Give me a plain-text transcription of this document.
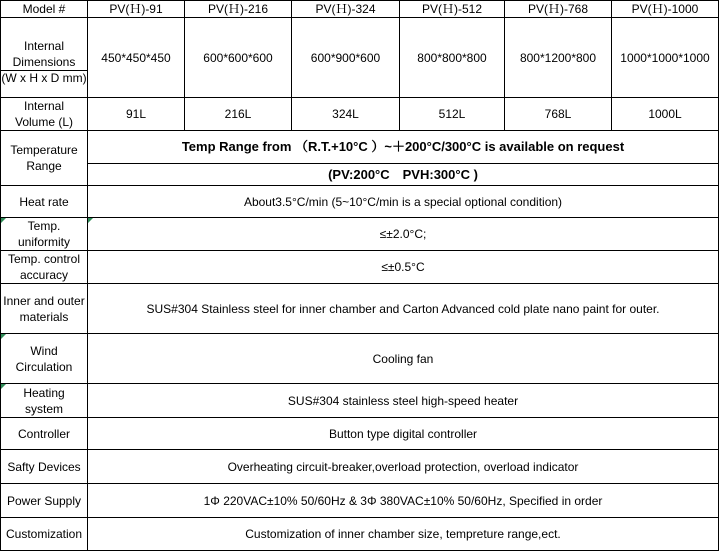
Model #	PV(Ｈ)-91	PV(Ｈ)-216	PV(Ｈ)-324	PV(Ｈ)-512	PV(Ｈ)-768	PV(Ｈ)-1000

Internal Dimensions
(W x H x D mm)	450*450*450	600*600*600	600*900*600	800*800*800	800*1200*800	1000*1000*1000
Internal Volume (L)	91L	216L	324L	512L	768L	1000L
Temperature Range	Temp Range from （R.T.+10°C ）~＋200°C/300°C is available on request					
	(PV:200°C　PVH:300°C )					
Heat rate	About3.5°C/min (5~10°C/min is a special optional condition)					

Temp. uniformity	≤±2.0°C;					
Temp. control accuracy	≤±0.5°C					
Inner and outer materials	SUS#304 Stainless steel for inner chamber and Carton Advanced cold plate nano paint for outer.					

Wind Circulation	Cooling fan					

Heating system	SUS#304 stainless steel high-speed heater					
Controller	Button type digital controller					
Safty Devices	Overheating circuit-breaker,overload protection, overload indicator					
Power Supply	1Φ 220VAC±10% 50/60Hz & 3Φ 380VAC±10% 50/60Hz, Specified in order					
Customization	Customization of inner chamber size, tempreture range,ect.					
